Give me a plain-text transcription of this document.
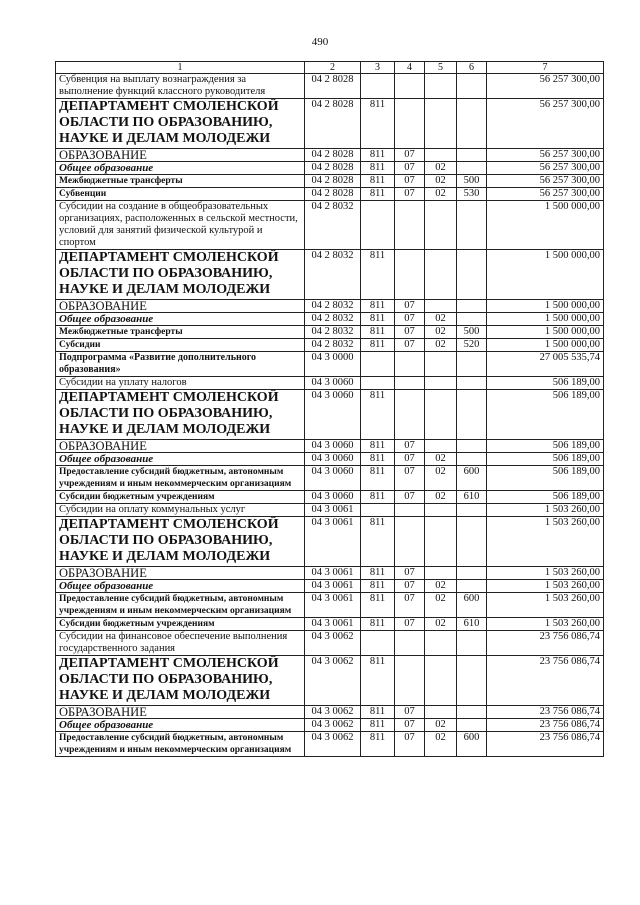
490
1	2	3	4	5	6	7
Субвенция на выплату вознаграждения за выполнение функций классного руководителя	04 2 8028					56 257 300,00
ДЕПАРТАМЕНТ СМОЛЕНСКОЙ ОБЛАСТИ ПО ОБРАЗОВАНИЮ, НАУКЕ И ДЕЛАМ МОЛОДЕЖИ	04 2 8028	811				56 257 300,00
ОБРАЗОВАНИЕ	04 2 8028	811	07			56 257 300,00
Общее образование	04 2 8028	811	07	02		56 257 300,00
Межбюджетные трансферты	04 2 8028	811	07	02	500	56 257 300,00
Субвенции	04 2 8028	811	07	02	530	56 257 300,00
Субсидии на создание в общеобразовательных организациях, расположенных в сельской местности, условий для занятий физической культурой и спортом	04 2 8032					1 500 000,00
ДЕПАРТАМЕНТ СМОЛЕНСКОЙ ОБЛАСТИ ПО ОБРАЗОВАНИЮ, НАУКЕ И ДЕЛАМ МОЛОДЕЖИ	04 2 8032	811				1 500 000,00
ОБРАЗОВАНИЕ	04 2 8032	811	07			1 500 000,00
Общее образование	04 2 8032	811	07	02		1 500 000,00
Межбюджетные трансферты	04 2 8032	811	07	02	500	1 500 000,00
Субсидии	04 2 8032	811	07	02	520	1 500 000,00
Подпрограмма «Развитие дополнительного образования»	04 3 0000					27 005 535,74
Субсидии на уплату налогов	04 3 0060					506 189,00
ДЕПАРТАМЕНТ СМОЛЕНСКОЙ ОБЛАСТИ ПО ОБРАЗОВАНИЮ, НАУКЕ И ДЕЛАМ МОЛОДЕЖИ	04 3 0060	811				506 189,00
ОБРАЗОВАНИЕ	04 3 0060	811	07			506 189,00
Общее образование	04 3 0060	811	07	02		506 189,00
Предоставление субсидий бюджетным, автономным учреждениям и иным некоммерческим организациям	04 3 0060	811	07	02	600	506 189,00
Субсидии бюджетным учреждениям	04 3 0060	811	07	02	610	506 189,00
Субсидии на оплату коммунальных услуг	04 3 0061					1 503 260,00
ДЕПАРТАМЕНТ СМОЛЕНСКОЙ ОБЛАСТИ ПО ОБРАЗОВАНИЮ, НАУКЕ И ДЕЛАМ МОЛОДЕЖИ	04 3 0061	811				1 503 260,00
ОБРАЗОВАНИЕ	04 3 0061	811	07			1 503 260,00
Общее образование	04 3 0061	811	07	02		1 503 260,00
Предоставление субсидий бюджетным, автономным учреждениям и иным некоммерческим организациям	04 3 0061	811	07	02	600	1 503 260,00
Субсидии бюджетным учреждениям	04 3 0061	811	07	02	610	1 503 260,00
Субсидии на финансовое обеспечение выполнения государственного задания	04 3 0062					23 756 086,74
ДЕПАРТАМЕНТ СМОЛЕНСКОЙ ОБЛАСТИ ПО ОБРАЗОВАНИЮ, НАУКЕ И ДЕЛАМ МОЛОДЕЖИ	04 3 0062	811				23 756 086,74
ОБРАЗОВАНИЕ	04 3 0062	811	07			23 756 086,74
Общее образование	04 3 0062	811	07	02		23 756 086,74
Предоставление субсидий бюджетным, автономным учреждениям и иным некоммерческим организациям	04 3 0062	811	07	02	600	23 756 086,74
